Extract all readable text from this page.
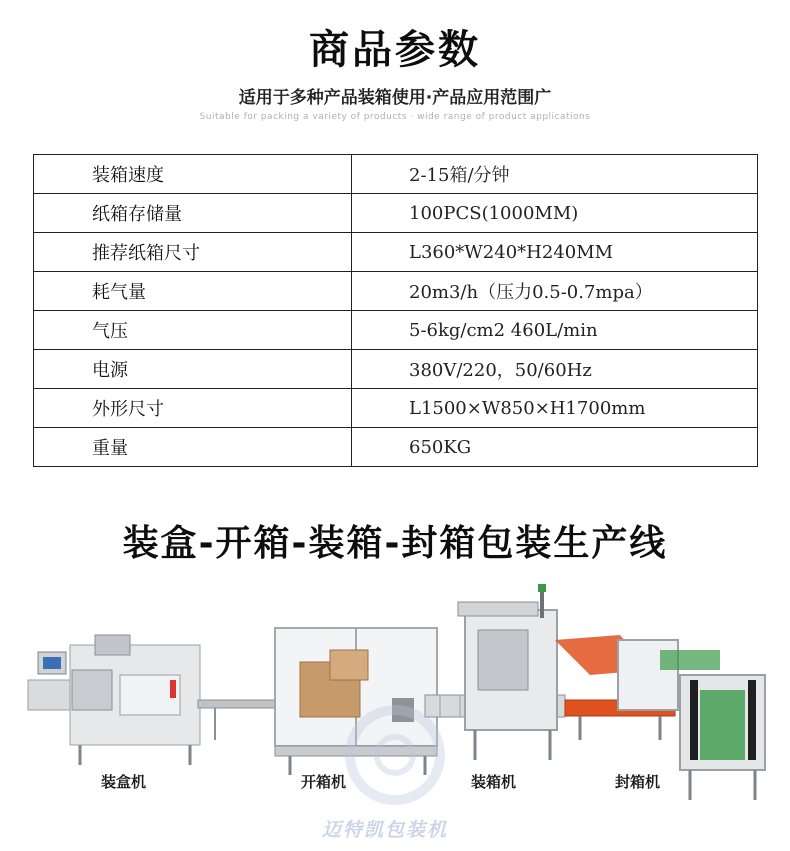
商品参数
适用于多种产品装箱使用·产品应用范围广
Suitable for packing a variety of products · wide range of product applications
装箱速度	2-15箱/分钟
纸箱存储量	100PCS(1000MM)
推荐纸箱尺寸	L360*W240*H240MM
耗气量	20m3/h（压力0.5-0.7mpa）
气压	5-6kg/cm2 460L/min
电源	380V/220，50/60Hz
外形尺寸	L1500×W850×H1700mm
重量	650KG
装盒-开箱-装箱-封箱包装生产线
装盒机	开箱机	装箱机	封箱机
迈特凯包装机
